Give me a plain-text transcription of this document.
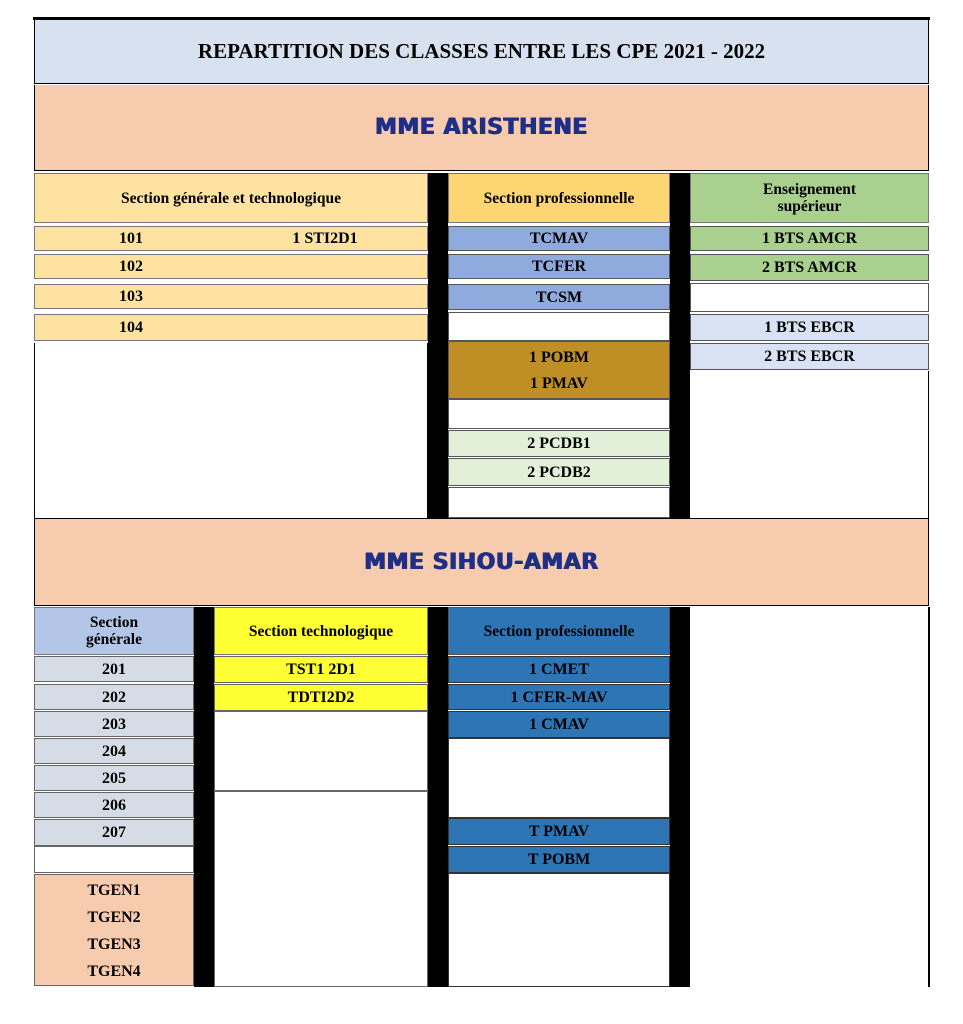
REPARTITION DES CLASSES ENTRE LES CPE 2021 - 2022
MME ARISTHENE
Section générale et technologique
101	1 STI2D1
102
103
104
Section professionnelle
TCMAV
TCFER
TCSM
1 POBM
1 PMAV
2 PCDB1
2 PCDB2
Enseignement supérieur
1 BTS AMCR
2 BTS AMCR
1 BTS EBCR
2 BTS EBCR
MME SIHOU-AMAR
Section générale
201
202
203
204
205
206
207
TGEN1
TGEN2
TGEN3
TGEN4
Section technologique
TST1 2D1
TDTI2D2
Section professionnelle
1 CMET
1 CFER-MAV
1 CMAV
T PMAV
T POBM
